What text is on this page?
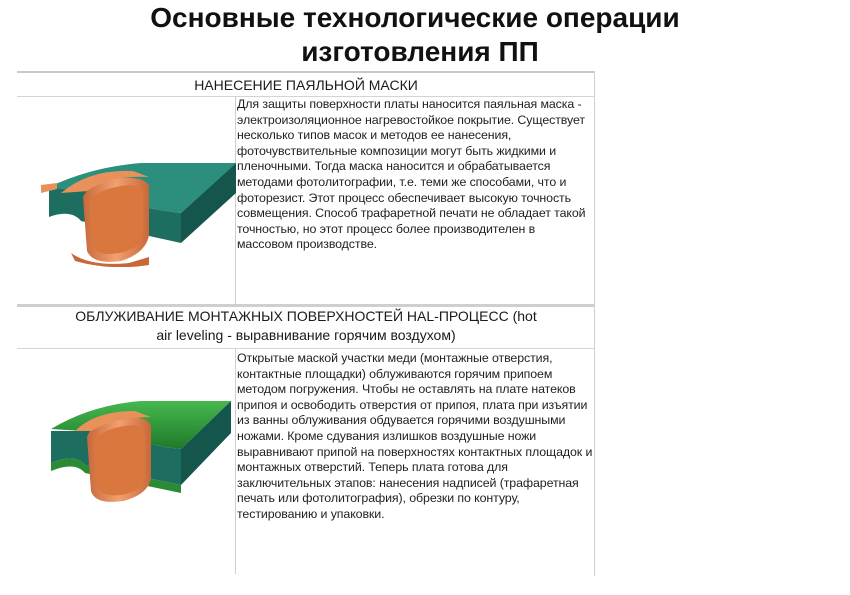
Основные технологические операции
изготовления ПП
НАНЕСЕНИЕ ПАЯЛЬНОЙ МАСКИ
Для защиты поверхности платы наносится паяльная маска - электроизоляционное нагревостойкое покрытие. Существует несколько типов масок и методов ее нанесения, фоточувствительные композиции могут быть жидкими и пленочными. Тогда маска наносится и обрабатывается методами фотолитографии, т.е. теми же способами, что и фоторезист. Этот процесс обеспечивает высокую точность совмещения. Способ трафаретной печати не обладает такой точностью, но этот процесс более производителен в массовом производстве.
ОБЛУЖИВАНИЕ МОНТАЖНЫХ ПОВЕРХНОСТЕЙ HAL-ПРОЦЕСС (hot
air leveling - выравнивание горячим воздухом)
Открытые маской участки меди (монтажные отверстия, контактные площадки) облуживаются горячим припоем методом погружения. Чтобы не оставлять на плате натеков припоя и освободить отверстия от припоя, плата при изъятии из ванны облуживания обдувается горячими воздушными ножами. Кроме сдувания излишков воздушные ножи выравнивают припой на поверхностях контактных площадок и монтажных отверстий. Теперь плата готова для заключительных этапов: нанесения надписей (трафаретная печать или фотолитография), обрезки по контуру, тестированию и упаковки.
